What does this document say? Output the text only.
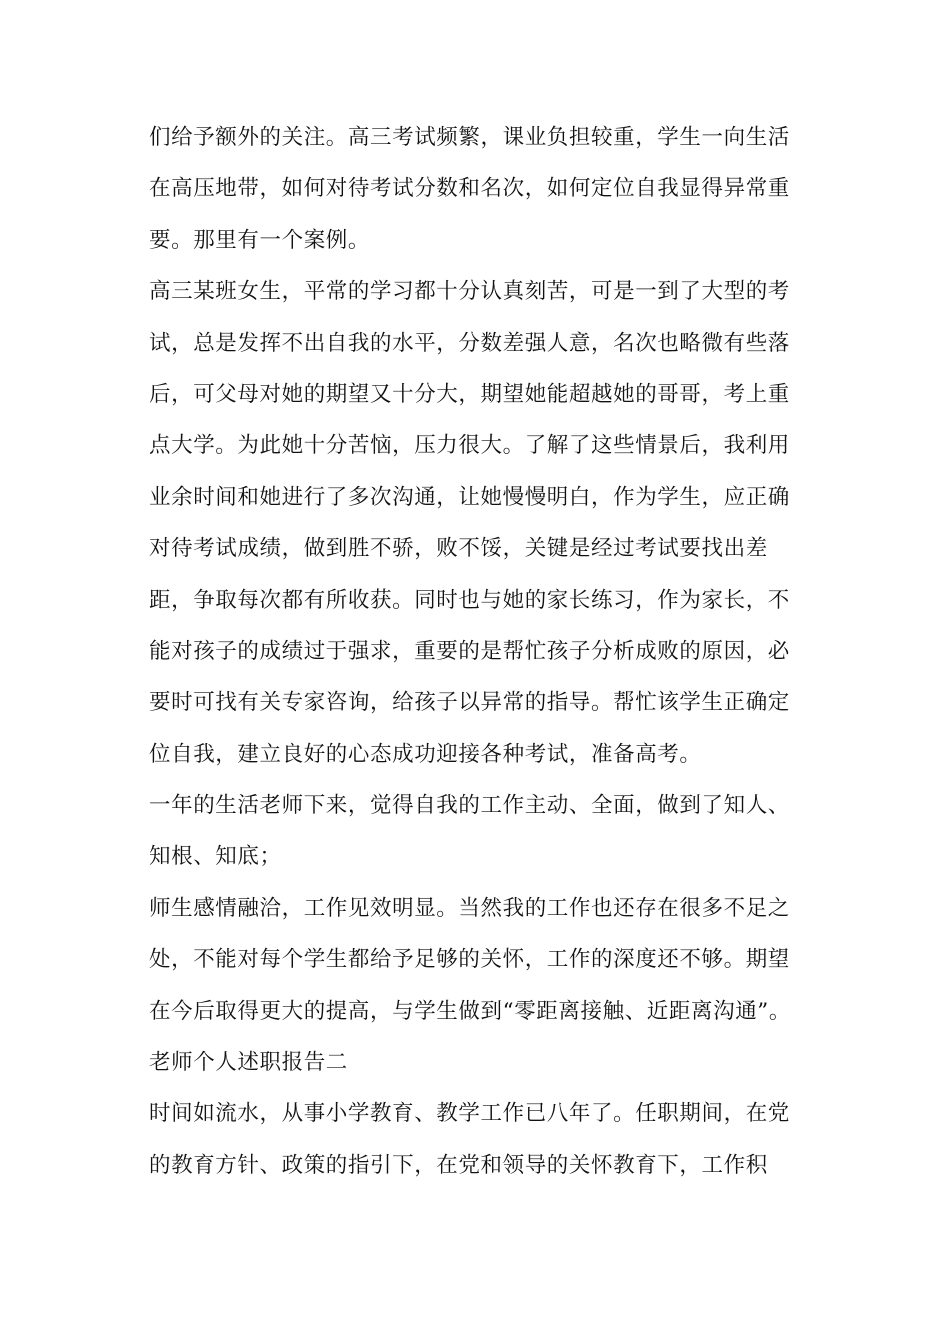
们给予额外的关注。高三考试频繁，课业负担较重，学生一向生活
在高压地带，如何对待考试分数和名次，如何定位自我显得异常重
要。那里有一个案例。
高三某班女生，平常的学习都十分认真刻苦，可是一到了大型的考
试，总是发挥不出自我的水平，分数差强人意，名次也略微有些落
后，可父母对她的期望又十分大，期望她能超越她的哥哥，考上重
点大学。为此她十分苦恼，压力很大。了解了这些情景后，我利用
业余时间和她进行了多次沟通，让她慢慢明白，作为学生，应正确
对待考试成绩，做到胜不骄，败不馁，关键是经过考试要找出差
距，争取每次都有所收获。同时也与她的家长练习，作为家长，不
能对孩子的成绩过于强求，重要的是帮忙孩子分析成败的原因，必
要时可找有关专家咨询，给孩子以异常的指导。帮忙该学生正确定
位自我，建立良好的心态成功迎接各种考试，准备高考。
一年的生活老师下来，觉得自我的工作主动、全面，做到了知人、
知根、知底；
师生感情融洽，工作见效明显。当然我的工作也还存在很多不足之
处，不能对每个学生都给予足够的关怀，工作的深度还不够。期望
在今后取得更大的提高，与学生做到“零距离接触、近距离沟通”。
老师个人述职报告二
时间如流水，从事小学教育、教学工作已八年了。任职期间，在党
的教育方针、政策的指引下，在党和领导的关怀教育下，工作积
